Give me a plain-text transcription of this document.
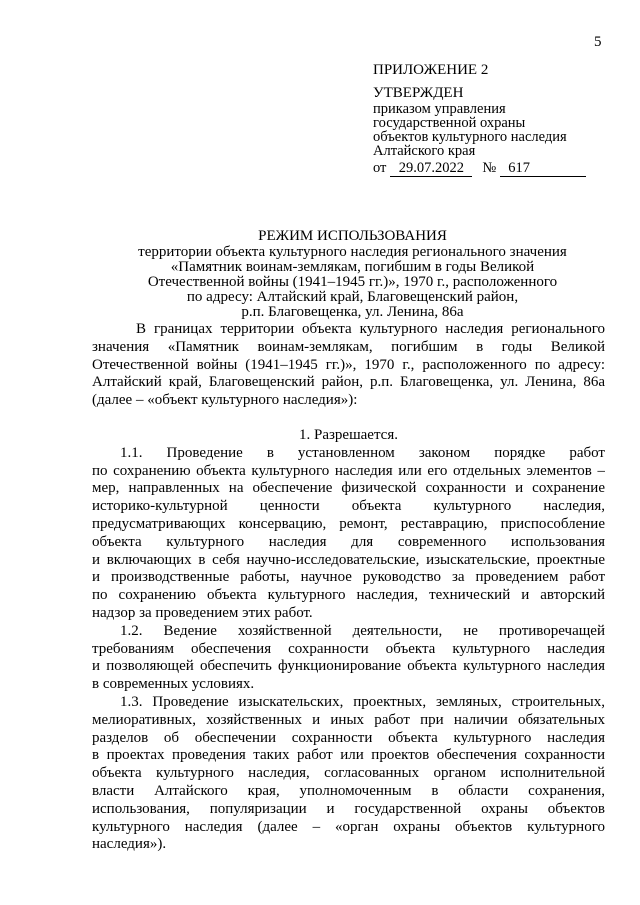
5
ПРИЛОЖЕНИЕ 2
УТВЕРЖДЕН
приказом управления
государственной охраны
объектов культурного наследия
Алтайского края
от 29.07.2022 № 617
РЕЖИМ ИСПОЛЬЗОВАНИЯ
территории объекта культурного наследия регионального значения
«Памятник воинам-землякам, погибшим в годы Великой
Отечественной войны (1941–1945 гг.)», 1970 г., расположенного
по адресу: Алтайский край, Благовещенский район,
р.п. Благовещенка, ул. Ленина, 86а
В границах территории объекта культурного наследия регионального
значения «Памятник воинам-землякам, погибшим в годы Великой
Отечественной войны (1941–1945 гг.)», 1970 г., расположенного по адресу:
Алтайский край, Благовещенский район, р.п. Благовещенка, ул. Ленина, 86а
(далее – «объект культурного наследия»):
1. Разрешается.
1.1. Проведение в установленном законом порядке работ
по сохранению объекта культурного наследия или его отдельных элементов –
мер, направленных на обеспечение физической сохранности и сохранение
историко-культурной ценности объекта культурного наследия,
предусматривающих консервацию, ремонт, реставрацию, приспособление
объекта культурного наследия для современного использования
и включающих в себя научно-исследовательские, изыскательские, проектные
и производственные работы, научное руководство за проведением работ
по сохранению объекта культурного наследия, технический и авторский
надзор за проведением этих работ.
1.2. Ведение хозяйственной деятельности, не противоречащей
требованиям обеспечения сохранности объекта культурного наследия
и позволяющей обеспечить функционирование объекта культурного наследия
в современных условиях.
1.3. Проведение изыскательских, проектных, земляных, строительных,
мелиоративных, хозяйственных и иных работ при наличии обязательных
разделов об обеспечении сохранности объекта культурного наследия
в проектах проведения таких работ или проектов обеспечения сохранности
объекта культурного наследия, согласованных органом исполнительной
власти Алтайского края, уполномоченным в области сохранения,
использования, популяризации и государственной охраны объектов
культурного наследия (далее – «орган охраны объектов культурного
наследия»).
